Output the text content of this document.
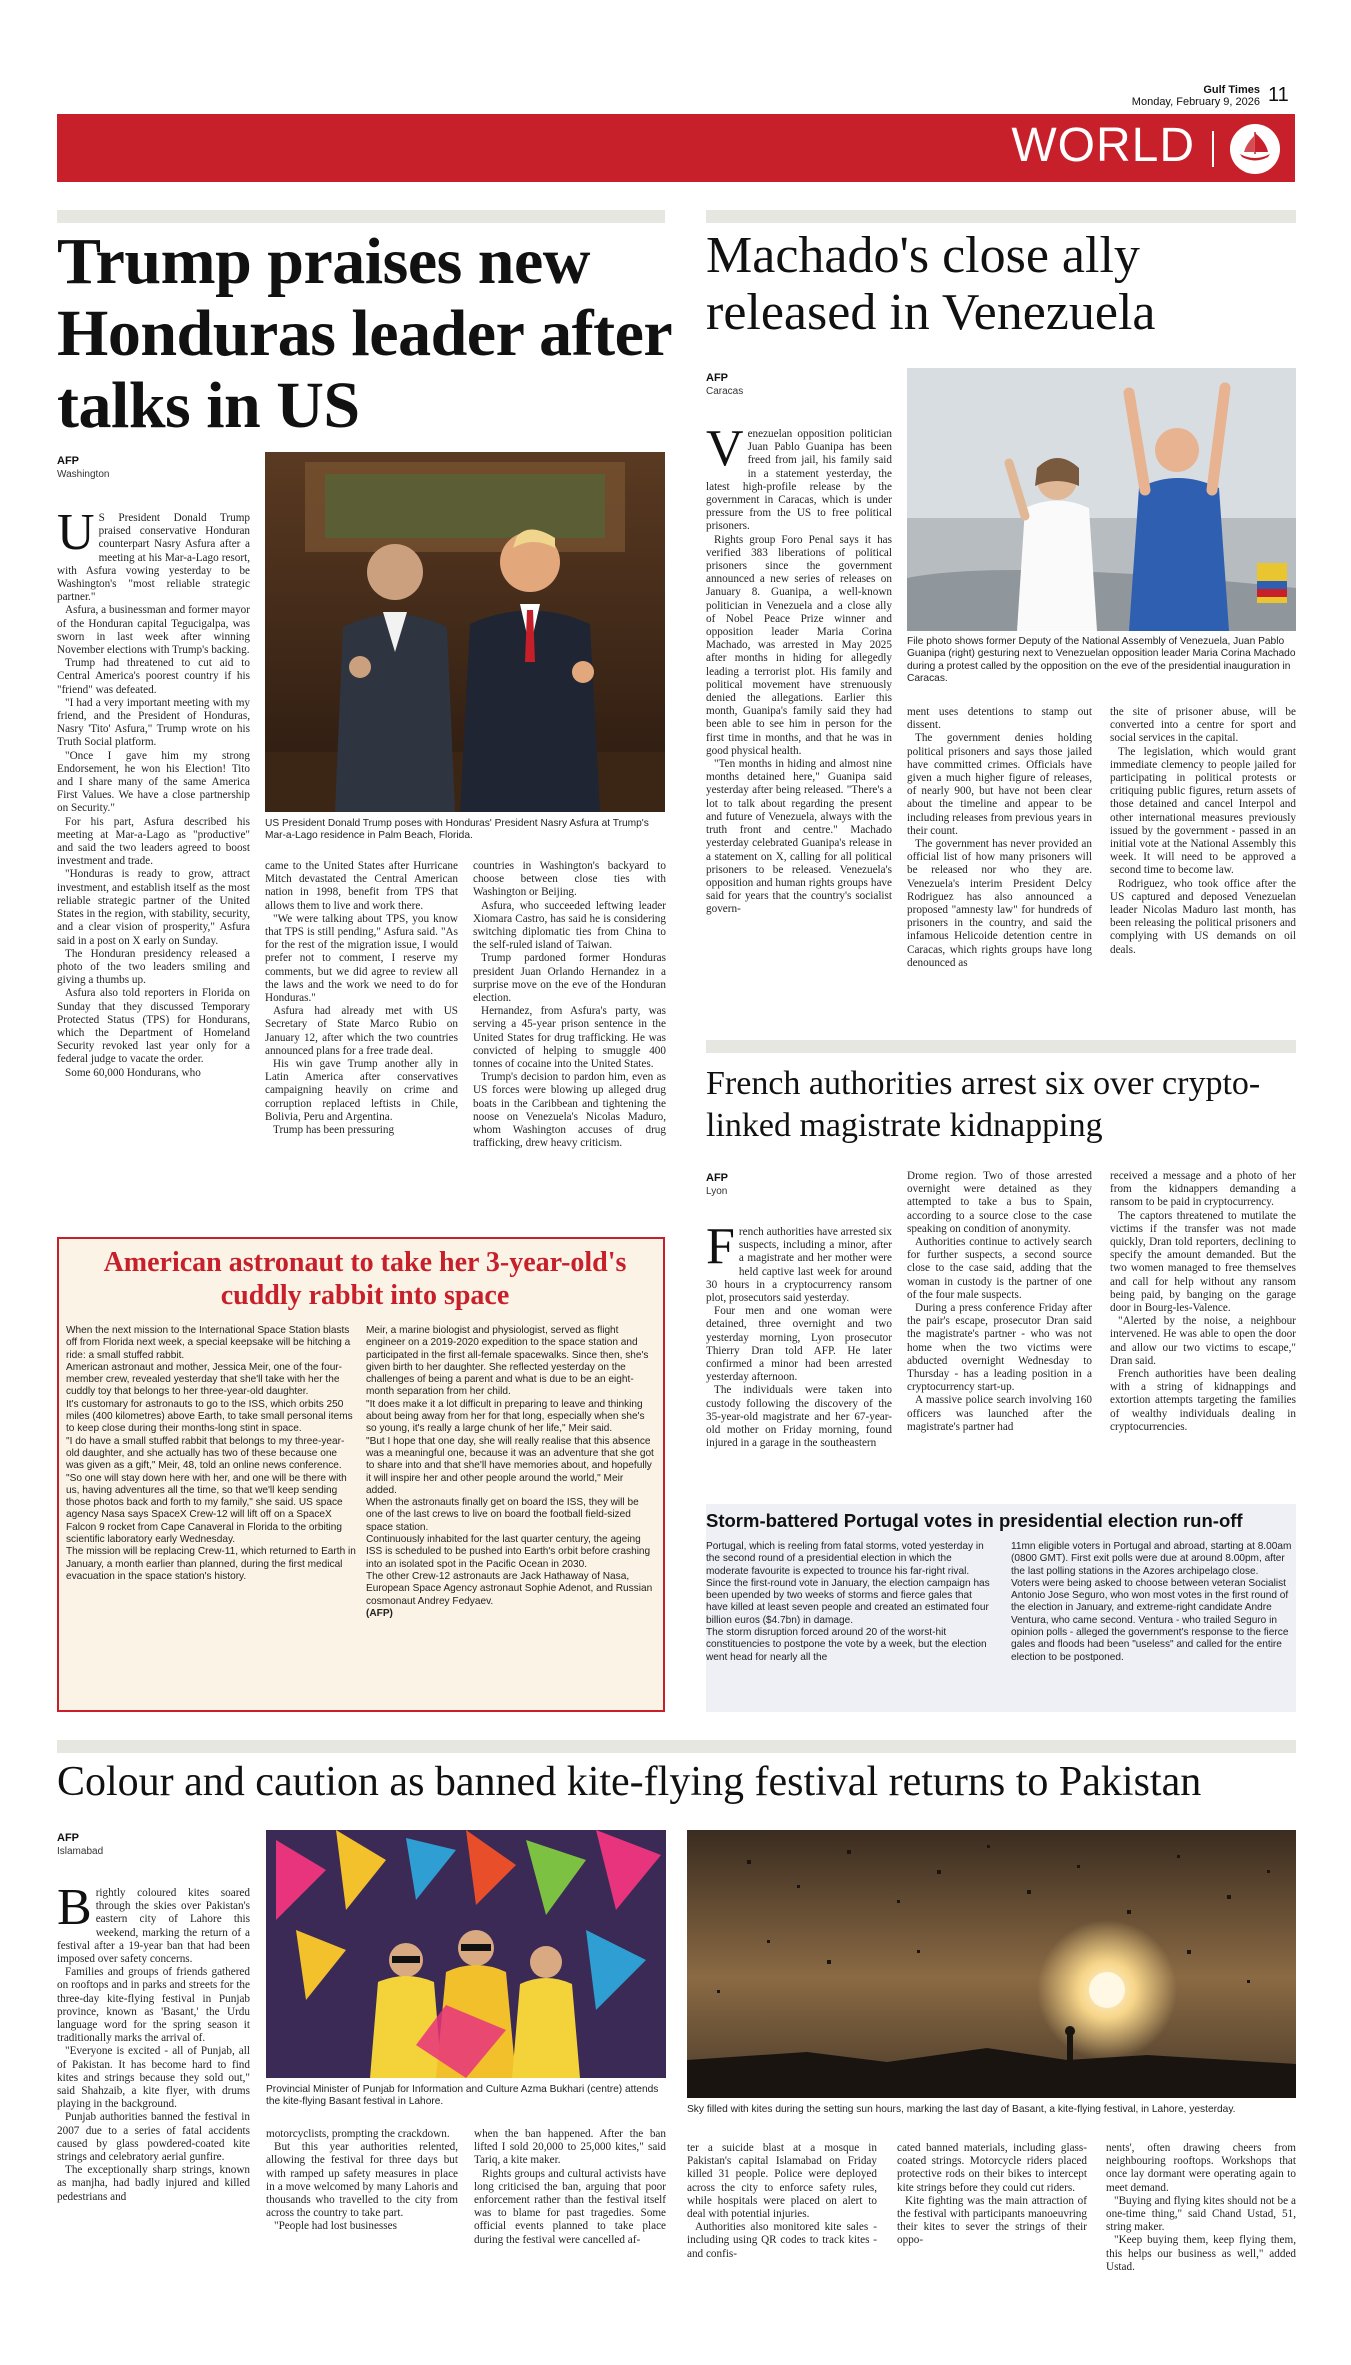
Gulf Times
Monday, February 9, 2026 11
WORLD
Trump praises new Honduras leader after talks in US
AFP
Washington
US President Donald Trump poses with Honduras' President Nasry Asfura at Trump's Mar-a-Lago residence in Palm Beach, Florida.
U S President Donald Trump praised conservative Honduran counterpart Nasry Asfura after a meeting at his Mar-a-Lago resort, with Asfura vowing yesterday to be Washington's "most reliable strategic partner."

Asfura, a businessman and former mayor of the Honduran capital Tegucigalpa, was sworn in last week after winning November elections with Trump's backing.

Trump had threatened to cut aid to Central America's poorest country if his "friend" was defeated.

"I had a very important meeting with my friend, and the President of Honduras, Nasry 'Tito' Asfura," Trump wrote on his Truth Social platform.

"Once I gave him my strong Endorsement, he won his Election! Tito and I share many of the same America First Values. We have a close partnership on Security."

For his part, Asfura described his meeting at Mar-a-Lago as "productive" and said the two leaders agreed to boost investment and trade.

"Honduras is ready to grow, attract investment, and establish itself as the most reliable strategic partner of the United States in the region, with stability, security, and a clear vision of prosperity," Asfura said in a post on X early on Sunday.

The Honduran presidency released a photo of the two leaders smiling and giving a thumbs up.

Asfura also told reporters in Florida on Sunday that they discussed Temporary Protected Status (TPS) for Hondurans, which the Department of Homeland Security revoked last year only for a federal judge to vacate the order.

Some 60,000 Hondurans, who

came to the United States after Hurricane Mitch devastated the Central American nation in 1998, benefit from TPS that allows them to live and work there.

"We were talking about TPS, you know that TPS is still pending," Asfura said. "As for the rest of the migration issue, I would prefer not to comment, I reserve my comments, but we did agree to review all the laws and the work we need to do for Honduras."

Asfura had already met with US Secretary of State Marco Rubio on January 12, after which the two countries announced plans for a free trade deal.

His win gave Trump another ally in Latin America after conservatives campaigning heavily on crime and corruption replaced leftists in Chile, Bolivia, Peru and Argentina.

Trump has been pressuring

countries in Washington's backyard to choose between close ties with Washington or Beijing.

Asfura, who succeeded leftwing leader Xiomara Castro, has said he is considering switching diplomatic ties from China to the self-ruled island of Taiwan.

Trump pardoned former Honduras president Juan Orlando Hernandez in a surprise move on the eve of the Honduran election.

Hernandez, from Asfura's party, was serving a 45-year prison sentence in the United States for drug trafficking. He was convicted of helping to smuggle 400 tonnes of cocaine into the United States.

Trump's decision to pardon him, even as US forces were blowing up alleged drug boats in the Caribbean and tightening the noose on Venezuela's Nicolas Maduro, whom Washington accuses of drug trafficking, drew heavy criticism.

American astronaut to take her 3-year-old's cuddly rabbit into space

When the next mission to the International Space Station blasts off from Florida next week, a special keepsake will be hitching a ride: a small stuffed rabbit.

American astronaut and mother, Jessica Meir, one of the four-member crew, revealed yesterday that she'll take with her the cuddly toy that belongs to her three-year-old daughter.

It's customary for astronauts to go to the ISS, which orbits 250 miles (400 kilometres) above Earth, to take small personal items to keep close during their months-long stint in space.

"I do have a small stuffed rabbit that belongs to my three-year-old daughter, and she actually has two of these because one was given as a gift," Meir, 48, told an online news conference.

"So one will stay down here with her, and one will be there with us, having adventures all the time, so that we'll keep sending those photos back and forth to my family," she said. US space agency Nasa says SpaceX Crew-12 will lift off on a SpaceX Falcon 9 rocket from Cape Canaveral in Florida to the orbiting scientific laboratory early Wednesday.

The mission will be replacing Crew-11, which returned to Earth in January, a month earlier than planned, during the first medical evacuation in the space station's history.

Meir, a marine biologist and physiologist, served as flight engineer on a 2019-2020 expedition to the space station and participated in the first all-female spacewalks. Since then, she's given birth to her daughter. She reflected yesterday on the challenges of being a parent and what is due to be an eight-month separation from her child.

"It does make it a lot difficult in preparing to leave and thinking about being away from her for that long, especially when she's so young, it's really a large chunk of her life," Meir said.

"But I hope that one day, she will really realise that this absence was a meaningful one, because it was an adventure that she got to share into and that she'll have memories about, and hopefully it will inspire her and other people around the world," Meir added.

When the astronauts finally get on board the ISS, they will be one of the last crews to live on board the football field-sized space station.

Continuously inhabited for the last quarter century, the ageing ISS is scheduled to be pushed into Earth's orbit before crashing into an isolated spot in the Pacific Ocean in 2030.

The other Crew-12 astronauts are Jack Hathaway of Nasa, European Space Agency astronaut Sophie Adenot, and Russian cosmonaut Andrey Fedyaev.

(AFP)

Machado's close ally released in Venezuela
AFP
Caracas
File photo shows former Deputy of the National Assembly of Venezuela, Juan Pablo Guanipa (right) gesturing next to Venezuelan opposition leader Maria Corina Machado during a protest called by the opposition on the eve of the presidential inauguration in Caracas.
V enezuelan opposition politician Juan Pablo Guanipa has been freed from jail, his family said in a statement yesterday, the latest high-profile release by the government in Caracas, which is under pressure from the US to free political prisoners.

Rights group Foro Penal says it has verified 383 liberations of political prisoners since the government announced a new series of releases on January 8. Guanipa, a well-known politician in Venezuela and a close ally of Nobel Peace Prize winner and opposition leader Maria Corina Machado, was arrested in May 2025 after months in hiding for allegedly leading a terrorist plot. His family and political movement have strenuously denied the allegations. Earlier this month, Guanipa's family said they had been able to see him in person for the first time in months, and that he was in good physical health.

"Ten months in hiding and almost nine months detained here," Guanipa said yesterday after being released. "There's a lot to talk about regarding the present and future of Venezuela, always with the truth front and centre." Machado yesterday celebrated Guanipa's release in a statement on X, calling for all political prisoners to be released. Venezuela's opposition and human rights groups have said for years that the country's socialist govern-

ment uses detentions to stamp out dissent.

The government denies holding political prisoners and says those jailed have committed crimes. Officials have given a much higher figure of releases, of nearly 900, but have not been clear about the timeline and appear to be including releases from previous years in their count.

The government has never provided an official list of how many prisoners will be released nor who they are. Venezuela's interim President Delcy Rodriguez has also announced a proposed "amnesty law" for hundreds of prisoners in the country, and said the infamous Helicoide detention centre in Caracas, which rights groups have long denounced as

the site of prisoner abuse, will be converted into a centre for sport and social services in the capital.

The legislation, which would grant immediate clemency to people jailed for participating in political protests or critiquing public figures, return assets of those detained and cancel Interpol and other international measures previously issued by the government - passed in an initial vote at the National Assembly this week. It will need to be approved a second time to become law.

Rodriguez, who took office after the US captured and deposed Venezuelan leader Nicolas Maduro last month, has been releasing the political prisoners and complying with US demands on oil deals.

French authorities arrest six over crypto-linked magistrate kidnapping
AFP
Lyon
F rench authorities have arrested six suspects, including a minor, after a magistrate and her mother were held captive last week for around 30 hours in a cryptocurrency ransom plot, prosecutors said yesterday.

Four men and one woman were detained, three overnight and two yesterday morning, Lyon prosecutor Thierry Dran told AFP. He later confirmed a minor had been arrested yesterday afternoon.

The individuals were taken into custody following the discovery of the 35-year-old magistrate and her 67-year-old mother on Friday morning, found injured in a garage in the southeastern

Drome region. Two of those arrested overnight were detained as they attempted to take a bus to Spain, according to a source close to the case speaking on condition of anonymity.

Authorities continue to actively search for further suspects, a second source close to the case said, adding that the woman in custody is the partner of one of the four male suspects.

During a press conference Friday after the pair's escape, prosecutor Dran said the magistrate's partner - who was not home when the two victims were abducted overnight Wednesday to Thursday - has a leading position in a cryptocurrency start-up.

A massive police search involving 160 officers was launched after the magistrate's partner had

received a message and a photo of her from the kidnappers demanding a ransom to be paid in cryptocurrency.

The captors threatened to mutilate the victims if the transfer was not made quickly, Dran told reporters, declining to specify the amount demanded. But the two women managed to free themselves and call for help without any ransom being paid, by banging on the garage door in Bourg-les-Valence.

"Alerted by the noise, a neighbour intervened. He was able to open the door and allow our two victims to escape," Dran said.

French authorities have been dealing with a string of kidnappings and extortion attempts targeting the families of wealthy individuals dealing in cryptocurrencies.

Storm-battered Portugal votes in presidential election run-off

Portugal, which is reeling from fatal storms, voted yesterday in the second round of a presidential election in which the moderate favourite is expected to trounce his far-right rival.

Since the first-round vote in January, the election campaign has been upended by two weeks of storms and fierce gales that have killed at least seven people and created an estimated four billion euros ($4.7bn) in damage.

The storm disruption forced around 20 of the worst-hit constituencies to postpone the vote by a week, but the election went head for nearly all the

11mn eligible voters in Portugal and abroad, starting at 8.00am (0800 GMT). First exit polls were due at around 8.00pm, after the last polling stations in the Azores archipelago close.

Voters were being asked to choose between veteran Socialist Antonio Jose Seguro, who won most votes in the first round of the election in January, and extreme-right candidate Andre Ventura, who came second. Ventura - who trailed Seguro in opinion polls - alleged the government's response to the fierce gales and floods had been "useless" and called for the entire election to be postponed.

Colour and caution as banned kite-flying festival returns to Pakistan
AFP
Islamabad
Provincial Minister of Punjab for Information and Culture Azma Bukhari (centre) attends the kite-flying Basant festival in Lahore.
Sky filled with kites during the setting sun hours, marking the last day of Basant, a kite-flying festival, in Lahore, yesterday.
B rightly coloured kites soared through the skies over Pakistan's eastern city of Lahore this weekend, marking the return of a festival after a 19-year ban that had been imposed over safety concerns.

Families and groups of friends gathered on rooftops and in parks and streets for the three-day kite-flying festival in Punjab province, known as 'Basant,' the Urdu language word for the spring season it traditionally marks the arrival of.

"Everyone is excited - all of Punjab, all of Pakistan. It has become hard to find kites and strings because they sold out," said Shahzaib, a kite flyer, with drums playing in the background.

Punjab authorities banned the festival in 2007 due to a series of fatal accidents caused by glass powdered-coated kite strings and celebratory aerial gunfire.

The exceptionally sharp strings, known as manjha, had badly injured and killed pedestrians and

motorcyclists, prompting the crackdown.

But this year authorities relented, allowing the festival for three days but with ramped up safety measures in place in a move welcomed by many Lahoris and thousands who travelled to the city from across the country to take part.

"People had lost businesses

when the ban happened. After the ban lifted I sold 20,000 to 25,000 kites," said Tariq, a kite maker.

Rights groups and cultural activists have long criticised the ban, arguing that poor enforcement rather than the festival itself was to blame for past tragedies. Some official events planned to take place during the festival were cancelled af-

ter a suicide blast at a mosque in Pakistan's capital Islamabad on Friday killed 31 people. Police were deployed across the city to enforce safety rules, while hospitals were placed on alert to deal with potential injuries.

Authorities also monitored kite sales - including using QR codes to track kites - and confis-

cated banned materials, including glass-coated strings. Motorcycle riders placed protective rods on their bikes to intercept kite strings before they could cut riders.

Kite fighting was the main attraction of the festival with participants manoeuvring their kites to sever the strings of their oppo-

nents', often drawing cheers from neighbouring rooftops. Workshops that once lay dormant were operating again to meet demand.

"Buying and flying kites should not be a one-time thing," said Chand Ustad, 51, string maker.

"Keep buying them, keep flying them, this helps our business as well," added Ustad.
